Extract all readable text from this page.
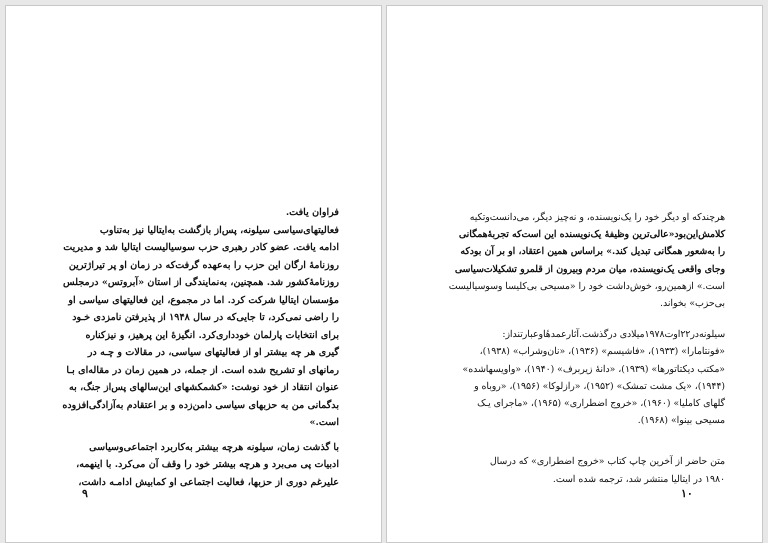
فراوان یافت.

فعالیتهای‌سیاسی سیلونه، پس‌از بازگشت به‌ایتالیا نیز به‌تناوب

ادامه یافت. عضو کادر رهبری حزب سوسیالیست ایتالیا شد و مدیریت

روزنامهٔ ارگان این حزب را به‌عهده گرفت‌که در زمان او پر تیراژترین

روزنامهٔ‌کشور شد. همچنین، به‌نمایندگی از استان «آبروتس» درمجلس

مؤسسان ایتالیا شرکت کرد. اما در مجموع، این فعالیتهای سیاسی او

را راضی نمی‌کرد، تا جایی‌که در سال ۱۹۴۸ از پذیرفتن نامزدی خـود

برای انتخابات پارلمان خودداری‌کرد. انگیزهٔ این پرهیز، و نیزکناره‌

گیری هر چه بیشتر او از فعالیتهای سیاسی، در مقالات و چـه در

رمانهای او تشریح شده است. از جمله، در همین زمان در مقاله‌ای بـا

عنوان انتقاد از خود نوشت: «کشمکشهای این‌سالهای پس‌از جنگ، به

بدگمانی من به حزبهای سیاسی دامن‌زده و بر اعتقادم به‌آزادگی‌افزوده

است.»

با گذشت زمان، سیلونه هرچه بیشتر به‌کاربرد اجتماعی‌وسیاسی

ادبیات پی می‌برد و هرچه بیشتر خود را وقف آن می‌کرد. با اینهمه،

علیرغم دوری از حزبها، فعالیت اجتماعی او کمابیش ادامـه داشت،

۹

هرچندکه او دیگر خود را یک‌نویسنده، و نه‌چیز دیگر، می‌دانست‌وتکیه

کلامش‌این‌بود«عالی‌ترین وظیفهٔ یک‌نویسنده این است‌که تجربهٔ‌همگانی

را به‌شعور همگانی تبدیل کند.» براساس همین اعتقاد، او بر آن بودکه

وجای واقعی یک‌نویسنده، میان مردم وبیرون از قلمرو تشکیلات‌سیاسی

است.» ازهمین‌رو، خوش‌داشت خود را «مسیحی بی‌کلیسا وسوسیالیست

بی‌حزب» بخواند.

سیلونه‌در۲۲اوت۱۹۷۸میلادی درگذشت.آثارعمدهٔاوعبارتنداز:

«فونتامارا» (۱۹۳۳)، «فاشیسم» (۱۹۳۶)، «نان‌وشراب» (۱۹۳۸)،

«مکتب دیکتاتورها» (۱۹۳۹)، «دانهٔ زیربرف» (۱۹۴۰)، «واویسهاشده»

(۱۹۴۴)، «یک مشت تمشک» (۱۹۵۲)، «رازلوکا» (۱۹۵۶)، «روباه و

گلهای کاملیا» (۱۹۶۰)، «خروج اضطراری» (۱۹۶۵)، «ماجرای یـک

مسیحی بینوا» (۱۹۶۸).

متن حاضر از آخرین چاپ کتاب «خروج اضطراری» که درسال

۱۹۸۰ در ایتالیا منتشر شد، ترجمه شده است.

۱۰
